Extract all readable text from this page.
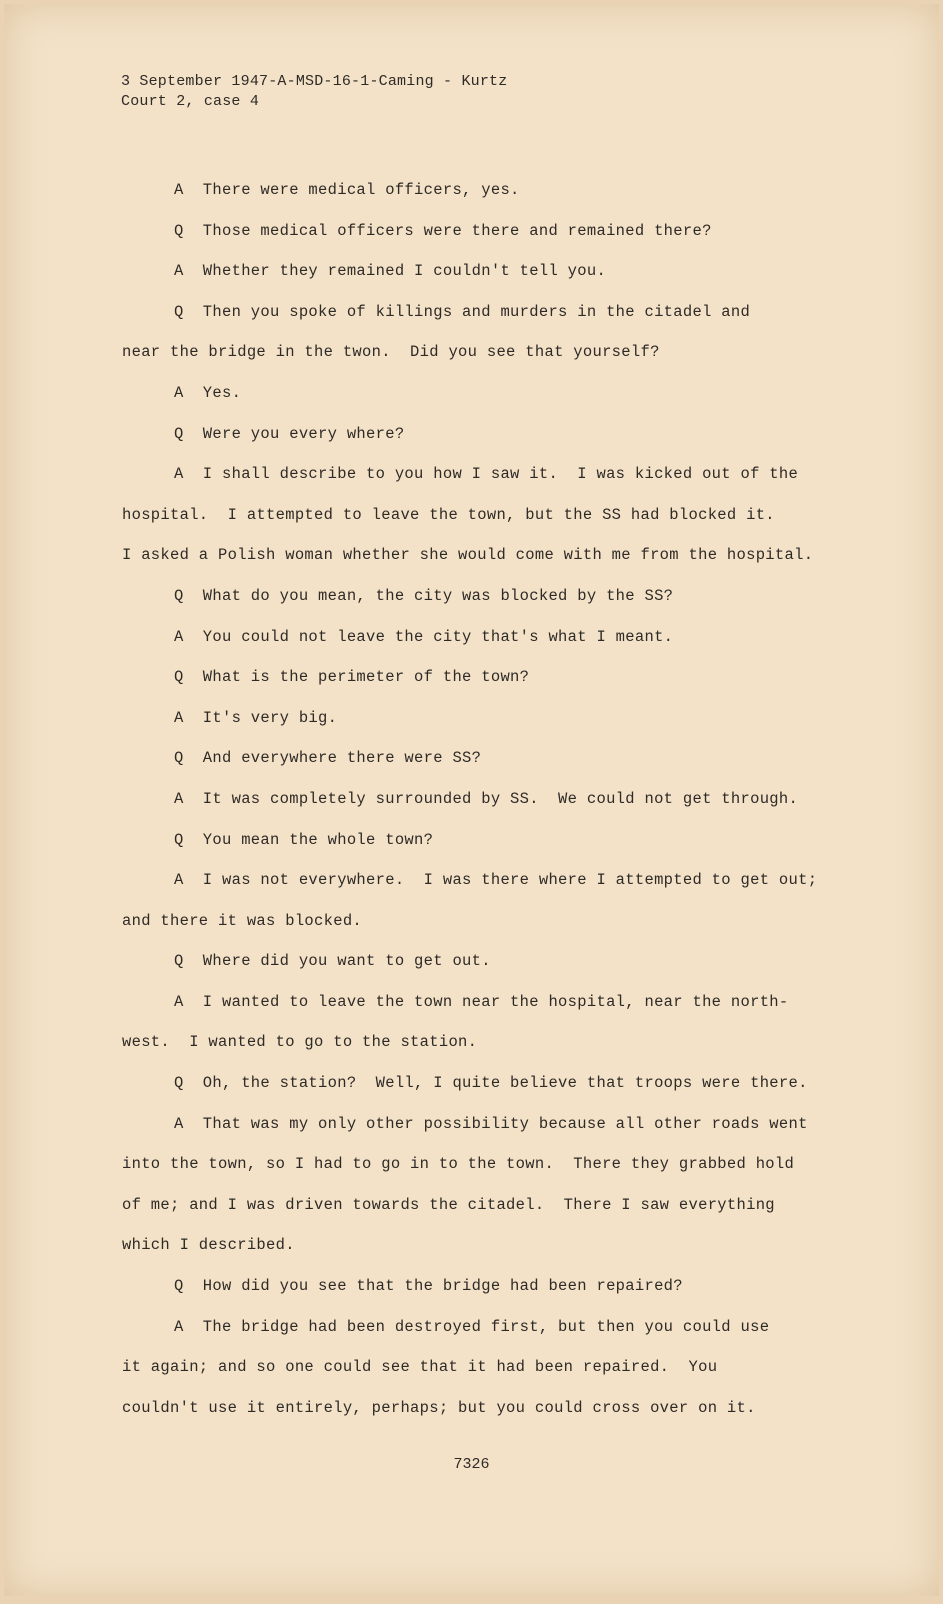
3 September 1947-A-MSD-16-1-Caming - Kurtz
Court 2, case 4
A  There were medical officers, yes.
Q  Those medical officers were there and remained there?
A  Whether they remained I couldn't tell you.
Q  Then you spoke of killings and murders in the citadel and
near the bridge in the twon.  Did you see that yourself?
A  Yes.
Q  Were you every where?
A  I shall describe to you how I saw it.  I was kicked out of the
hospital.  I attempted to leave the town, but the SS had blocked it.
I asked a Polish woman whether she would come with me from the hospital.
Q  What do you mean, the city was blocked by the SS?
A  You could not leave the city that's what I meant.
Q  What is the perimeter of the town?
A  It's very big.
Q  And everywhere there were SS?
A  It was completely surrounded by SS.  We could not get through.
Q  You mean the whole town?
A  I was not everywhere.  I was there where I attempted to get out;
and there it was blocked.
Q  Where did you want to get out.
A  I wanted to leave the town near the hospital, near the north-
west.  I wanted to go to the station.
Q  Oh, the station?  Well, I quite believe that troops were there.
A  That was my only other possibility because all other roads went
into the town, so I had to go in to the town.  There they grabbed hold
of me; and I was driven towards the citadel.  There I saw everything
which I described.
Q  How did you see that the bridge had been repaired?
A  The bridge had been destroyed first, but then you could use
it again; and so one could see that it had been repaired.  You
couldn't use it entirely, perhaps; but you could cross over on it.
7326
